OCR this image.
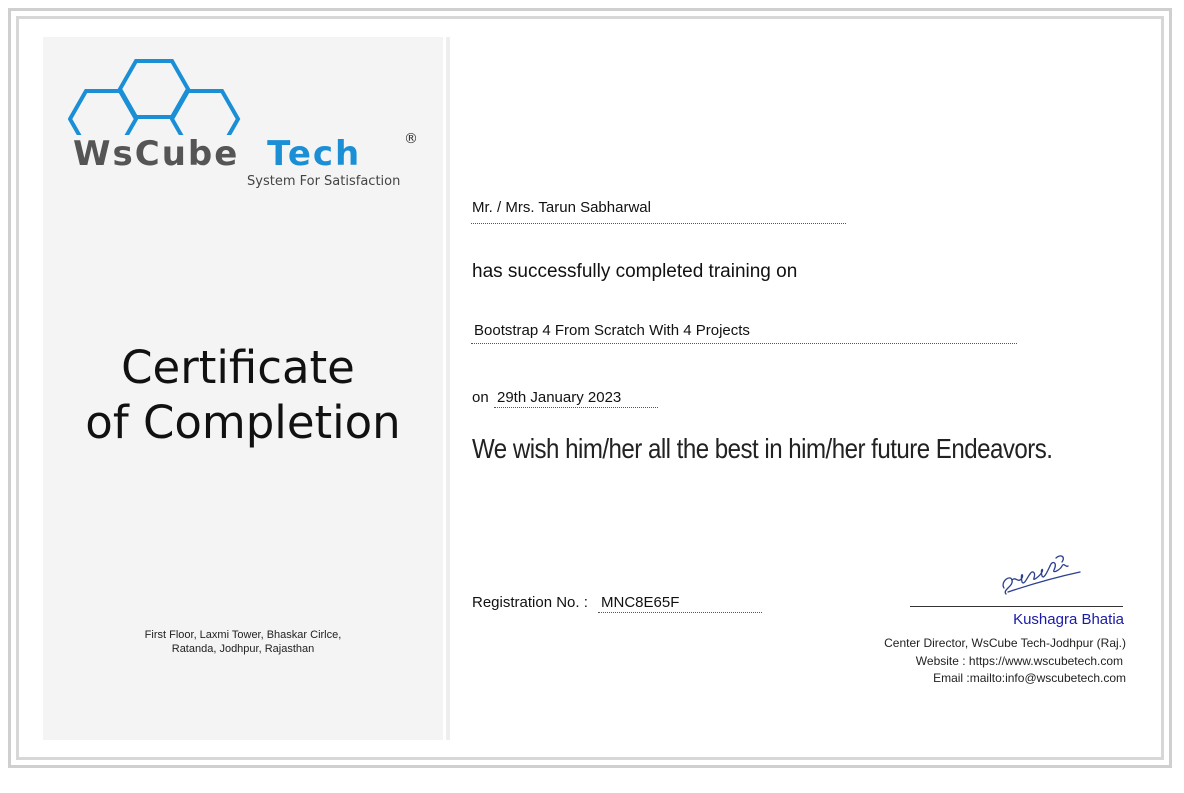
WsCube Tech	®
System For Satisfaction
Certificate
of Completion
First Floor, Laxmi Tower, Bhaskar Cirlce,
Ratanda, Jodhpur, Rajasthan
Mr. / Mrs. Tarun Sabharwal
has successfully completed training on
Bootstrap 4 From Scratch With 4 Projects
on 29th January 2023
We wish him/her all the best in him/her future Endeavors.
Registration No. : MNC8E65F
Kushagra Bhatia
Center Director, WsCube Tech-Jodhpur (Raj.)
Website : https://www.wscubetech.com
Email :mailto:info@wscubetech.com
